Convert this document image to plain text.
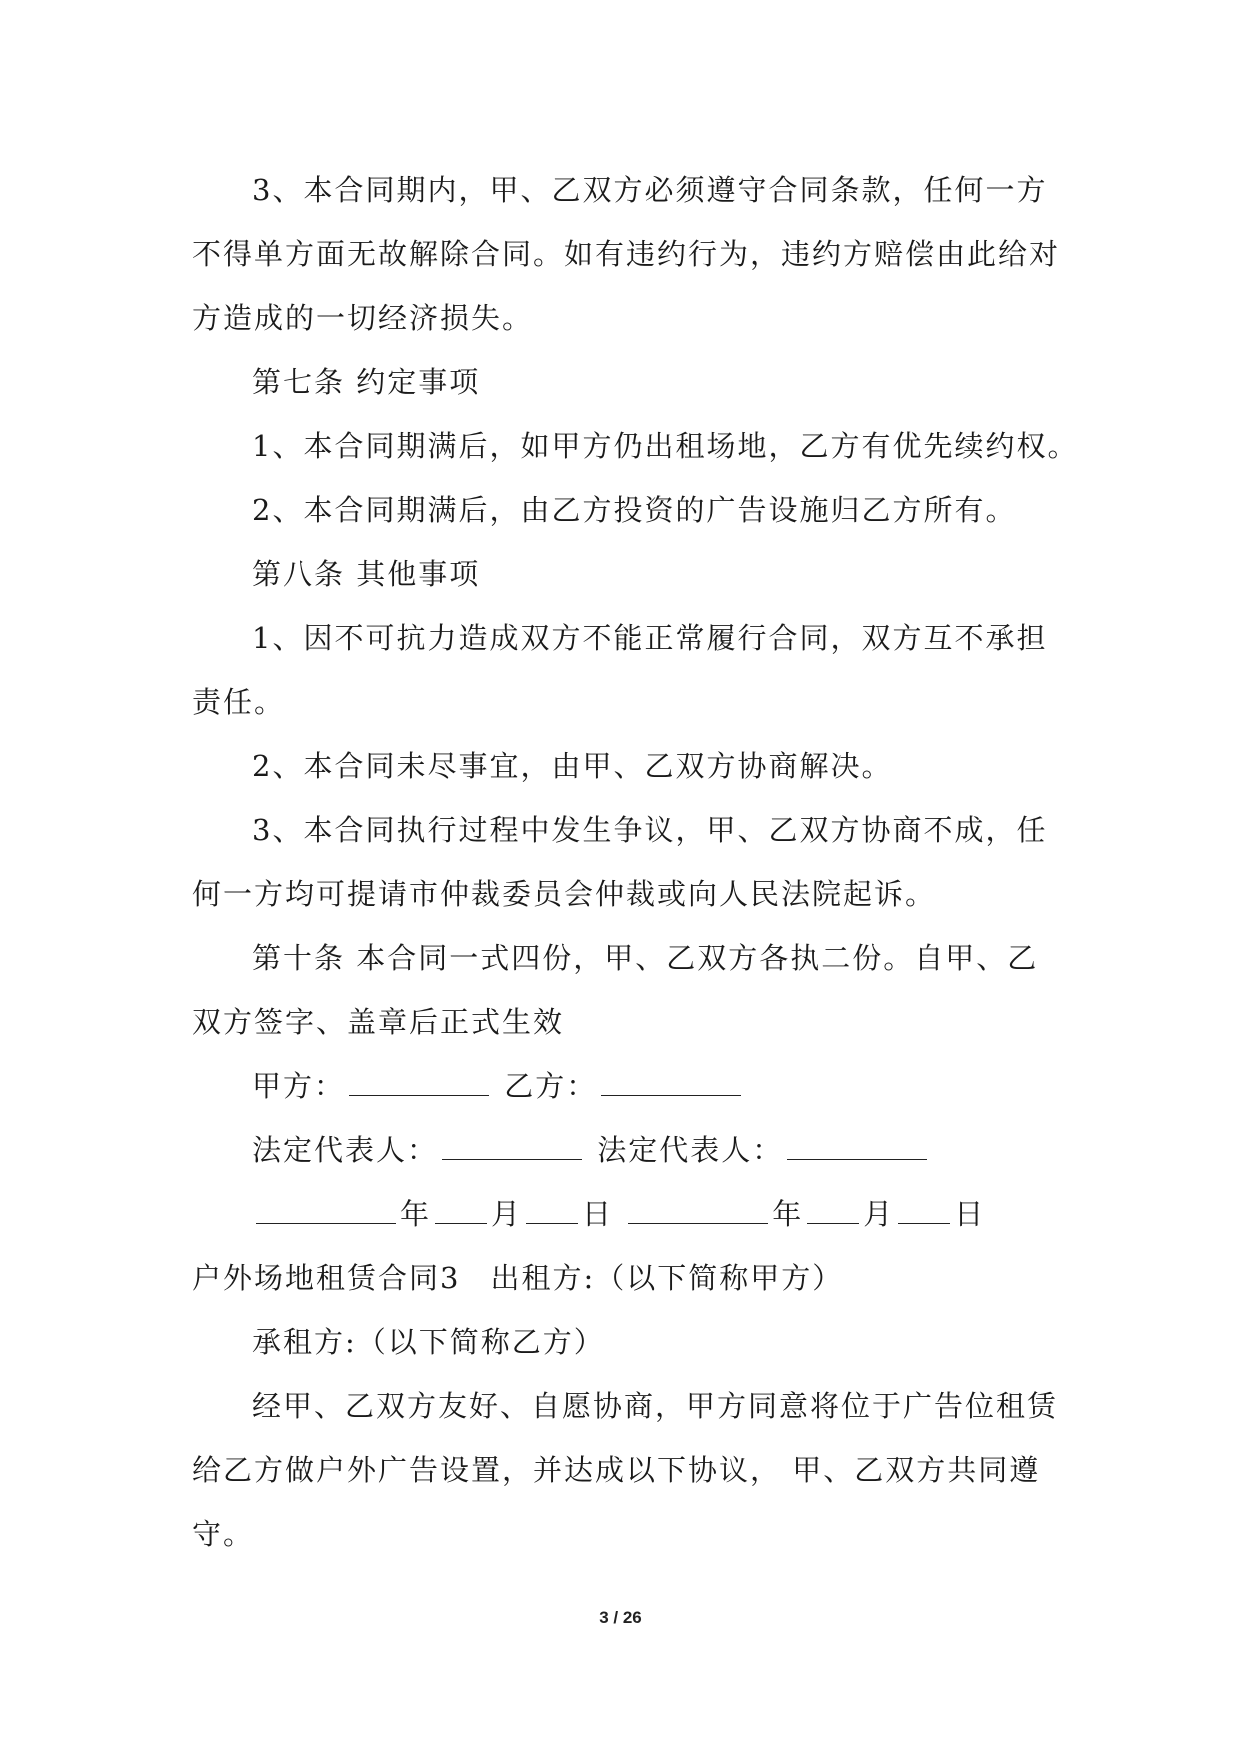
3、本合同期内，甲、乙双方必须遵守合同条款，任何一方
不得单方面无故解除合同。如有违约行为，违约方赔偿由此给对
方造成的一切经济损失。
第七条 约定事项
1、本合同期满后，如甲方仍出租场地，乙方有优先续约权。
2、本合同期满后，由乙方投资的广告设施归乙方所有。
第八条 其他事项
1、因不可抗力造成双方不能正常履行合同，双方互不承担
责任。
2、本合同未尽事宜，由甲、乙双方协商解决。
3、本合同执行过程中发生争议，甲、乙双方协商不成，任
何一方均可提请市仲裁委员会仲裁或向人民法院起诉。
第十条 本合同一式四份，甲、乙双方各执二份。自甲、乙
双方签字、盖章后正式生效
甲方：	乙方：
法定代表人：	法定代表人：
年 月 日	年 月 日
户外场地租赁合同3 出租方:（以下简称甲方）
承租方:（以下简称乙方）
经甲、乙双方友好、自愿协商，甲方同意将位于广告位租赁
给乙方做户外广告设置，并达成以下协议， 甲、乙双方共同遵
守。
3 / 26
